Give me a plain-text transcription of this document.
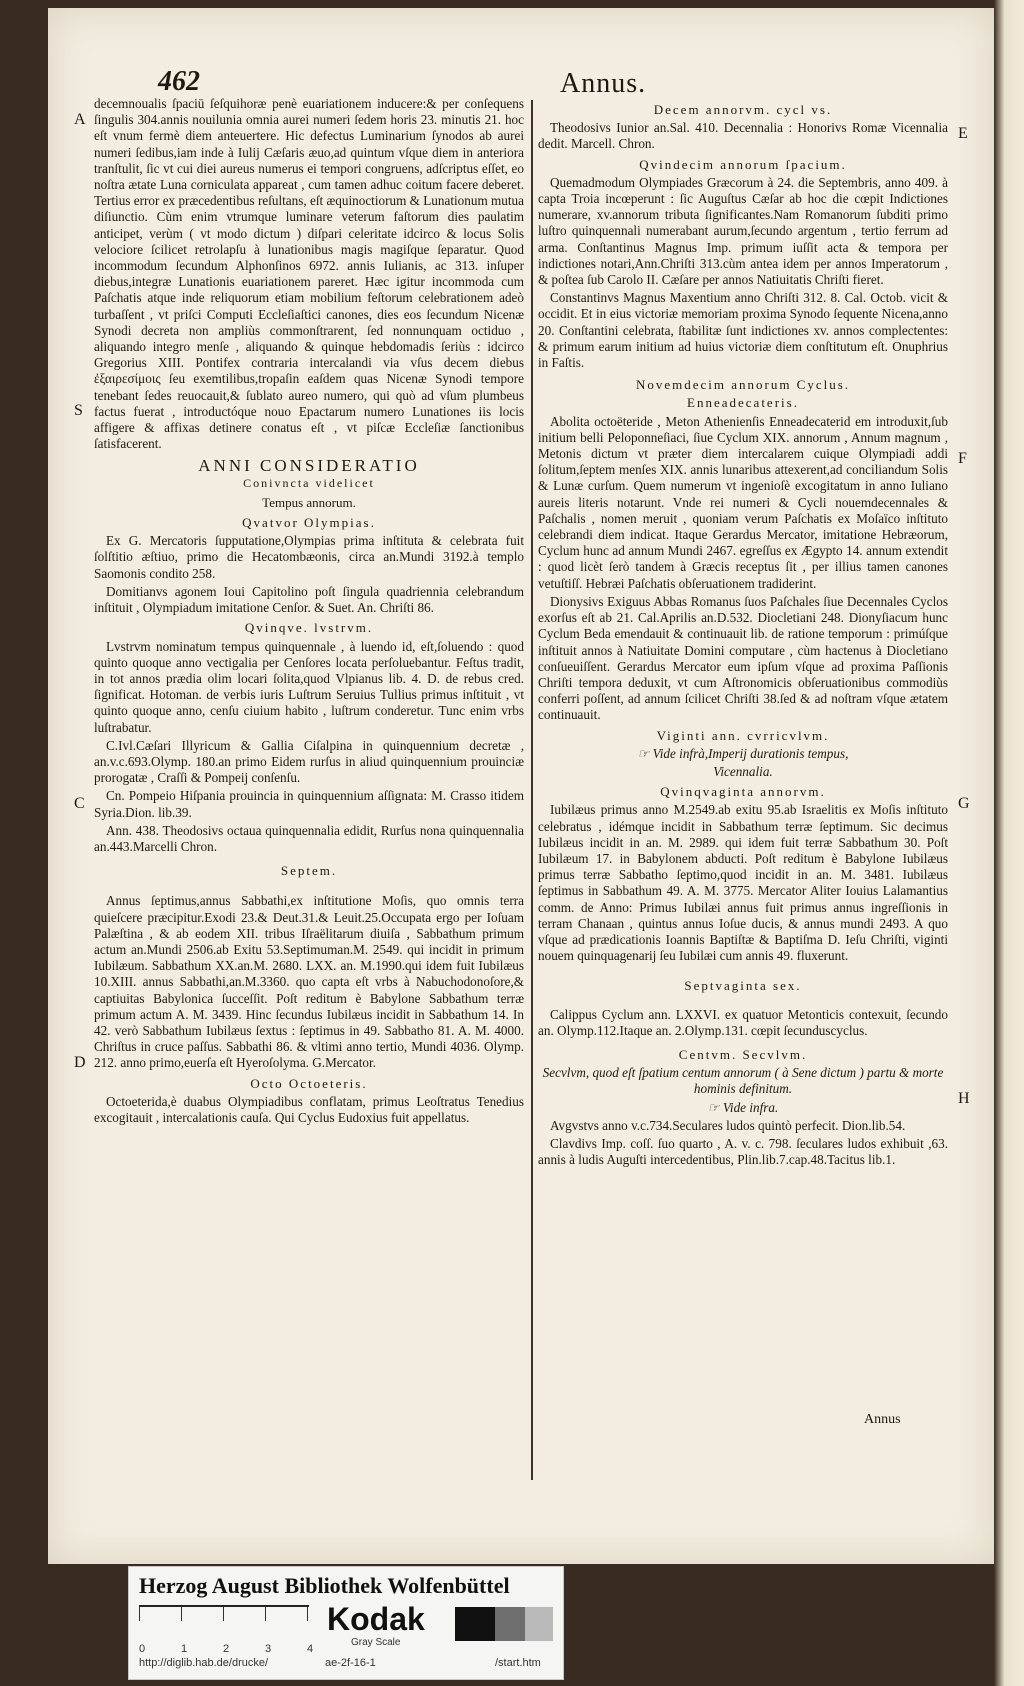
462	Annus.
A
S
C
D
E
F
G
H

decemnoualis ſpaciū ſeſquihoræ penè euariationem inducere:& per conſequens ſingulis 304.annis nouilunia omnia aurei numeri ſedem horis 23. minutis 21. hoc eſt vnum fermè diem anteuertere. Hic defectus Luminarium ſynodos ab aurei numeri ſedibus,iam inde à Iulij Cæſaris æuo,ad quintum vſque diem in anteriora tranſtulit, ſic vt cui diei aureus numerus ei tempori congruens, adſcriptus eſſet, eo noſtra ætate Luna corniculata appareat , cum tamen adhuc coitum facere deberet. Tertius error ex præcedentibus reſultans, eſt æquinoctiorum & Lunationum mutua diſiunctio. Cùm enim vtrumque luminare veterum faſtorum dies paulatim anticipet, verùm ( vt modo dictum ) diſpari celeritate idcirco & locus Solis velociore ſcilicet retrolapſu à lunationibus magis magiſque ſeparatur. Quod incommodum ſecundum Alphonſinos 6972. annis Iulianis, ac 313. inſuper diebus,integræ Lunationis euariationem pareret. Hæc igitur incommoda cum Paſchatis atque inde reliquorum etiam mobilium feſtorum celebrationem adeò turbaſſent , vt priſci Computi Eccleſiaſtici canones, dies eos ſecundum Nicenæ Synodi decreta non ampliùs commonſtrarent, ſed nonnunquam octiduo , aliquando integro menſe , aliquando & quinque hebdomadis ſeriùs : idcirco Gregorius XIII. Pontifex contraria intercalandi via vſus decem diebus ἐξαιρεσίμοις ſeu exemtilibus,tropaſin eaſdem quas Nicenæ Synodi tempore tenebant ſedes reuocauit,& ſublato aureo numero, qui quò ad vſum plumbeus factus fuerat , introductóque nouo Epactarum numero Lunationes iis locis affigere & affixas detinere conatus eſt , vt piſcæ Eccleſiæ ſanctionibus ſatisfacerent.

ANNI CONSIDERATIO
Conivncta videlicet
Tempus annorum.
Qvatvor Olympias.

Ex G. Mercatoris ſupputatione,Olympias prima inſtituta & celebrata fuit ſolſtitio æſtiuo, primo die Hecatombæonis, circa an.Mundi 3192.à templo Saomonis condito 258.

Domitianvs agonem Ioui Capitolino poſt ſingula quadriennia celebrandum inſtituit , Olympiadum imitatione Cenſor. & Suet. An. Chriſti 86.

Qvinqve. lvstrvm.

Lvstrvm nominatum tempus quinquennale , à luendo id, eſt,ſoluendo : quod quinto quoque anno vectigalia per Cenſores locata perſoluebantur. Feſtus tradit, in tot annos prædia olim locari ſolita,quod Vlpianus lib. 4. D. de rebus cred. ſignificat. Hotoman. de verbis iuris Luſtrum Seruius Tullius primus inſtituit , vt quinto quoque anno, cenſu ciuium habito , luſtrum conderetur. Tunc enim vrbs luſtrabatur.

C.Ivl.Cæſari Illyricum & Gallia Ciſalpina in quinquennium decretæ , an.v.c.693.Olymp. 180.an primo Eidem rurſus in aliud quinquennium prouinciæ prorogatæ , Craſſi & Pompeij conſenſu.

Cn. Pompeio Hiſpania prouincia in quinquennium aſſignata: M. Crasso itidem Syria.Dion. lib.39.

Ann. 438. Theodosivs octaua quinquennalia edidit, Rurſus nona quinquennalia an.443.Marcelli Chron.

Septem.

Annus ſeptimus,annus Sabbathi,ex inſtitutione Moſis, quo omnis terra quieſcere præcipitur.Exodi 23.& Deut.31.& Leuit.25.Occupata ergo per Ioſuam Palæſtina , & ab eodem XII. tribus Iſraëlitarum diuiſa , Sabbathum primum actum an.Mundi 2506.ab Exitu 53.Septimuman.M. 2549. qui incidit in primum Iubilæum. Sabbathum XX.an.M. 2680. LXX. an. M.1990.qui idem fuit Iubilæus 10.XIII. annus Sabbathi,an.M.3360. quo capta eſt vrbs à Nabuchodonoſore,& captiuitas Babylonica ſucceſſit. Poſt reditum è Babylone Sabbathum terræ primum actum A. M. 3439. Hinc ſecundus Iubilæus incidit in Sabbathum 14. In 42. verò Sabbathum Iubilæus ſextus : ſeptimus in 49. Sabbatho 81. A. M. 4000. Chriſtus in cruce paſſus. Sabbathi 86. & vltimi anno tertio, Mundi 4036. Olymp. 212. anno primo,euerſa eſt Hyeroſolyma. G.Mercator.

Octo Octoeteris.

Octoeterida,è duabus Olympiadibus conflatam, primus Leoſtratus Tenedius excogitauit , intercalationis cauſa. Qui Cyclus Eudoxius fuit appellatus.

Decem annorvm. cycl vs.

Theodosivs Iunior an.Sal. 410. Decennalia : Honorivs Romæ Vicennalia dedit. Marcell. Chron.

Qvindecim annorum ſpacium.

Quemadmodum Olympiades Græcorum à 24. die Septembris, anno 409. à capta Troia incœperunt : ſic Auguſtus Cæſar ab hoc die cœpit Indictiones numerare, xv.annorum tributa ſignificantes.Nam Romanorum ſubditi primo luſtro quinquennali numerabant aurum,ſecundo argentum , tertio ferrum ad arma. Conſtantinus Magnus Imp. primum iuſſit acta & tempora per indictiones notari,Ann.Chriſti 313.cùm antea idem per annos Imperatorum , & poſtea ſub Carolo II. Cæſare per annos Natiuitatis Chriſti fieret.

Constantinvs Magnus Maxentium anno Chriſti 312. 8. Cal. Octob. vicit & occidit. Et in eius victoriæ memoriam proxima Synodo ſequente Nicena,anno 20. Conſtantini celebrata, ſtabilitæ ſunt indictiones xv. annos complectentes: & primum earum initium ad huius victoriæ diem conſtitutum eſt. Onuphrius in Faſtis.

Novemdecim annorum Cyclus.
Enneadecateris.

Abolita octoëteride , Meton Athenienſis Enneadecaterid em introduxit,ſub initium belli Peloponneſiaci, ſiue Cyclum XIX. annorum , Annum magnum , Metonis dictum vt præter diem intercalarem cuique Olympiadi addi ſolitum,ſeptem menſes XIX. annis lunaribus attexerent,ad conciliandum Solis & Lunæ curſum. Quem numerum vt ingenioſè excogitatum in anno Iuliano aureis literis notarunt. Vnde rei numeri & Cycli nouemdecennales & Paſchalis , nomen meruit , quoniam verum Paſchatis ex Moſaïco inſtituto celebrandi diem indicat. Itaque Gerardus Mercator, imitatione Hebræorum, Cyclum hunc ad annum Mundi 2467. egreſſus ex Ægypto 14. annum extendit : quod licèt ſerò tandem à Græcis receptus ſit , per illius tamen canones vetuſtiſſ. Hebræi Paſchatis obſeruationem tradiderint.

Dionysivs Exiguus Abbas Romanus ſuos Paſchales ſiue Decennales Cyclos exorſus eſt ab 21. Cal.Aprilis an.D.532. Diocletiani 248. Dionyſiacum hunc Cyclum Beda emendauit & continuauit lib. de ratione temporum : primúſque inſtituit annos à Natiuitate Domini computare , cùm hactenus à Diocletiano conſueuiſſent. Gerardus Mercator eum ipſum vſque ad proxima Paſſionis Chriſti tempora deduxit, vt cum Aſtronomicis obſeruationibus commodiùs conferri poſſent, ad annum ſcilicet Chriſti 38.ſed & ad noſtram vſque ætatem continuauit.

Viginti ann. cvrricvlvm.
☞ Vide infrà,Imperij durationis tempus,
Vicennalia.
Qvinqvaginta annorvm.

Iubilæus primus anno M.2549.ab exitu 95.ab Israelitis ex Moſis inſtituto celebratus , idémque incidit in Sabbathum terræ ſeptimum. Sic decimus Iubilæus incidit in an. M. 2989. qui idem fuit terræ Sabbathum 30. Poſt Iubilæum 17. in Babylonem abducti. Poſt reditum è Babylone Iubilæus primus terræ Sabbatho ſeptimo,quod incidit in an. M. 3481. Iubilæus ſeptimus in Sabbathum 49. A. M. 3775. Mercator Aliter Iouius Lalamantius comm. de Anno: Primus Iubilæi annus fuit primus annus ingreſſionis in terram Chanaan , quintus annus Ioſue ducis, & annus mundi 2493. A quo vſque ad prædicationis Ioannis Baptiſtæ & Baptiſma D. Ieſu Chriſti, viginti nouem quinquagenarij ſeu Iubilæi cum annis 49. fluxerunt.

Septvaginta sex.

Calippus Cyclum ann. LXXVI. ex quatuor Metonticis contexuit, ſecundo an. Olymp.112.Itaque an. 2.Olymp.131. cœpit ſecunduscyclus.

Centvm. Secvlvm.
Secvlvm, quod eſt ſpatium centum annorum ( à Sene dictum ) partu & morte hominis definitum.
☞ Vide infra.

Avgvstvs anno v.c.734.Seculares ludos quintò perfecit. Dion.lib.54.

Clavdivs Imp. coſſ. ſuo quarto , A. v. c. 798. ſeculares ludos exhibuit ,63. annis à ludis Auguſti intercedentibus, Plin.lib.7.cap.48.Tacitus lib.1.

Annus
Herzog August Bibliothek Wolfenbüttel
0	1	2	3	4
Kodak
Gray Scale
http://diglib.hab.de/drucke/	ae-2f-16-1	/start.htm
